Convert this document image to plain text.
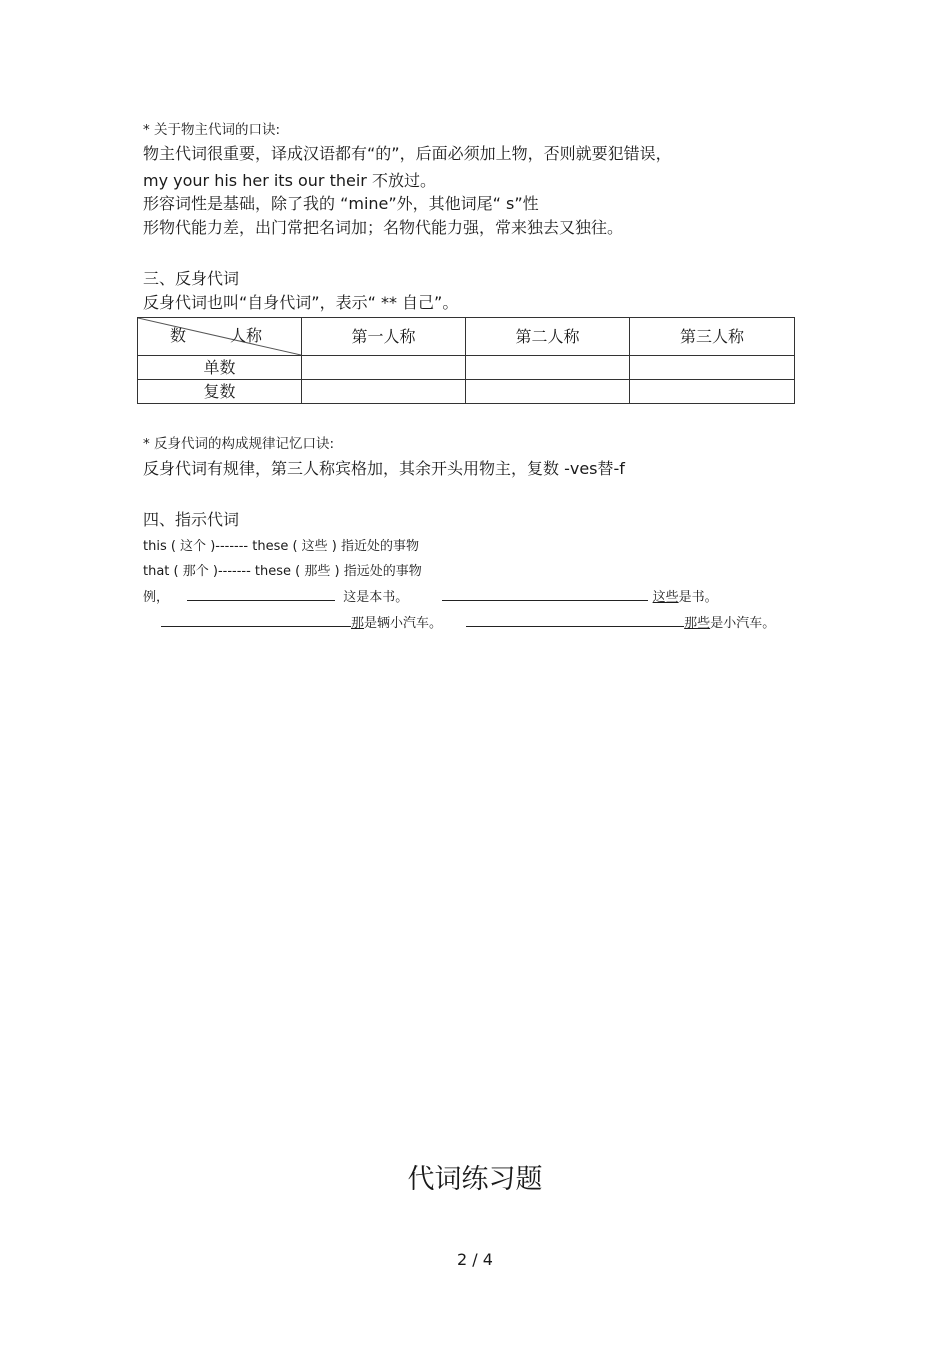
* 关于物主代词的口诀:
物主代词很重要，译成汉语都有“的”，后面必须加上物，否则就要犯错误，
my your his her its our their 不放过。
形容词性是基础，除了我的 “mine”外，其他词尾“ s”性
形物代能力差，出门常把名词加；名物代能力强，常来独去又独往。
三、反身代词
反身代词也叫“自身代词”，表示“ ** 自己”。
数 人称	第一人称	第二人称	第三人称
单数			
复数			
* 反身代词的构成规律记忆口诀:
反身代词有规律，第三人称宾格加，其余开头用物主，复数 -ves替-f
四、指示代词
this ( 这个 )------- these ( 这些 ) 指近处的事物
that ( 那个 )------- these ( 那些 ) 指远处的事物
例，	这是本书。	这些是书。
那是辆小汽车。	那些是小汽车。
代词练习题
2 / 4
